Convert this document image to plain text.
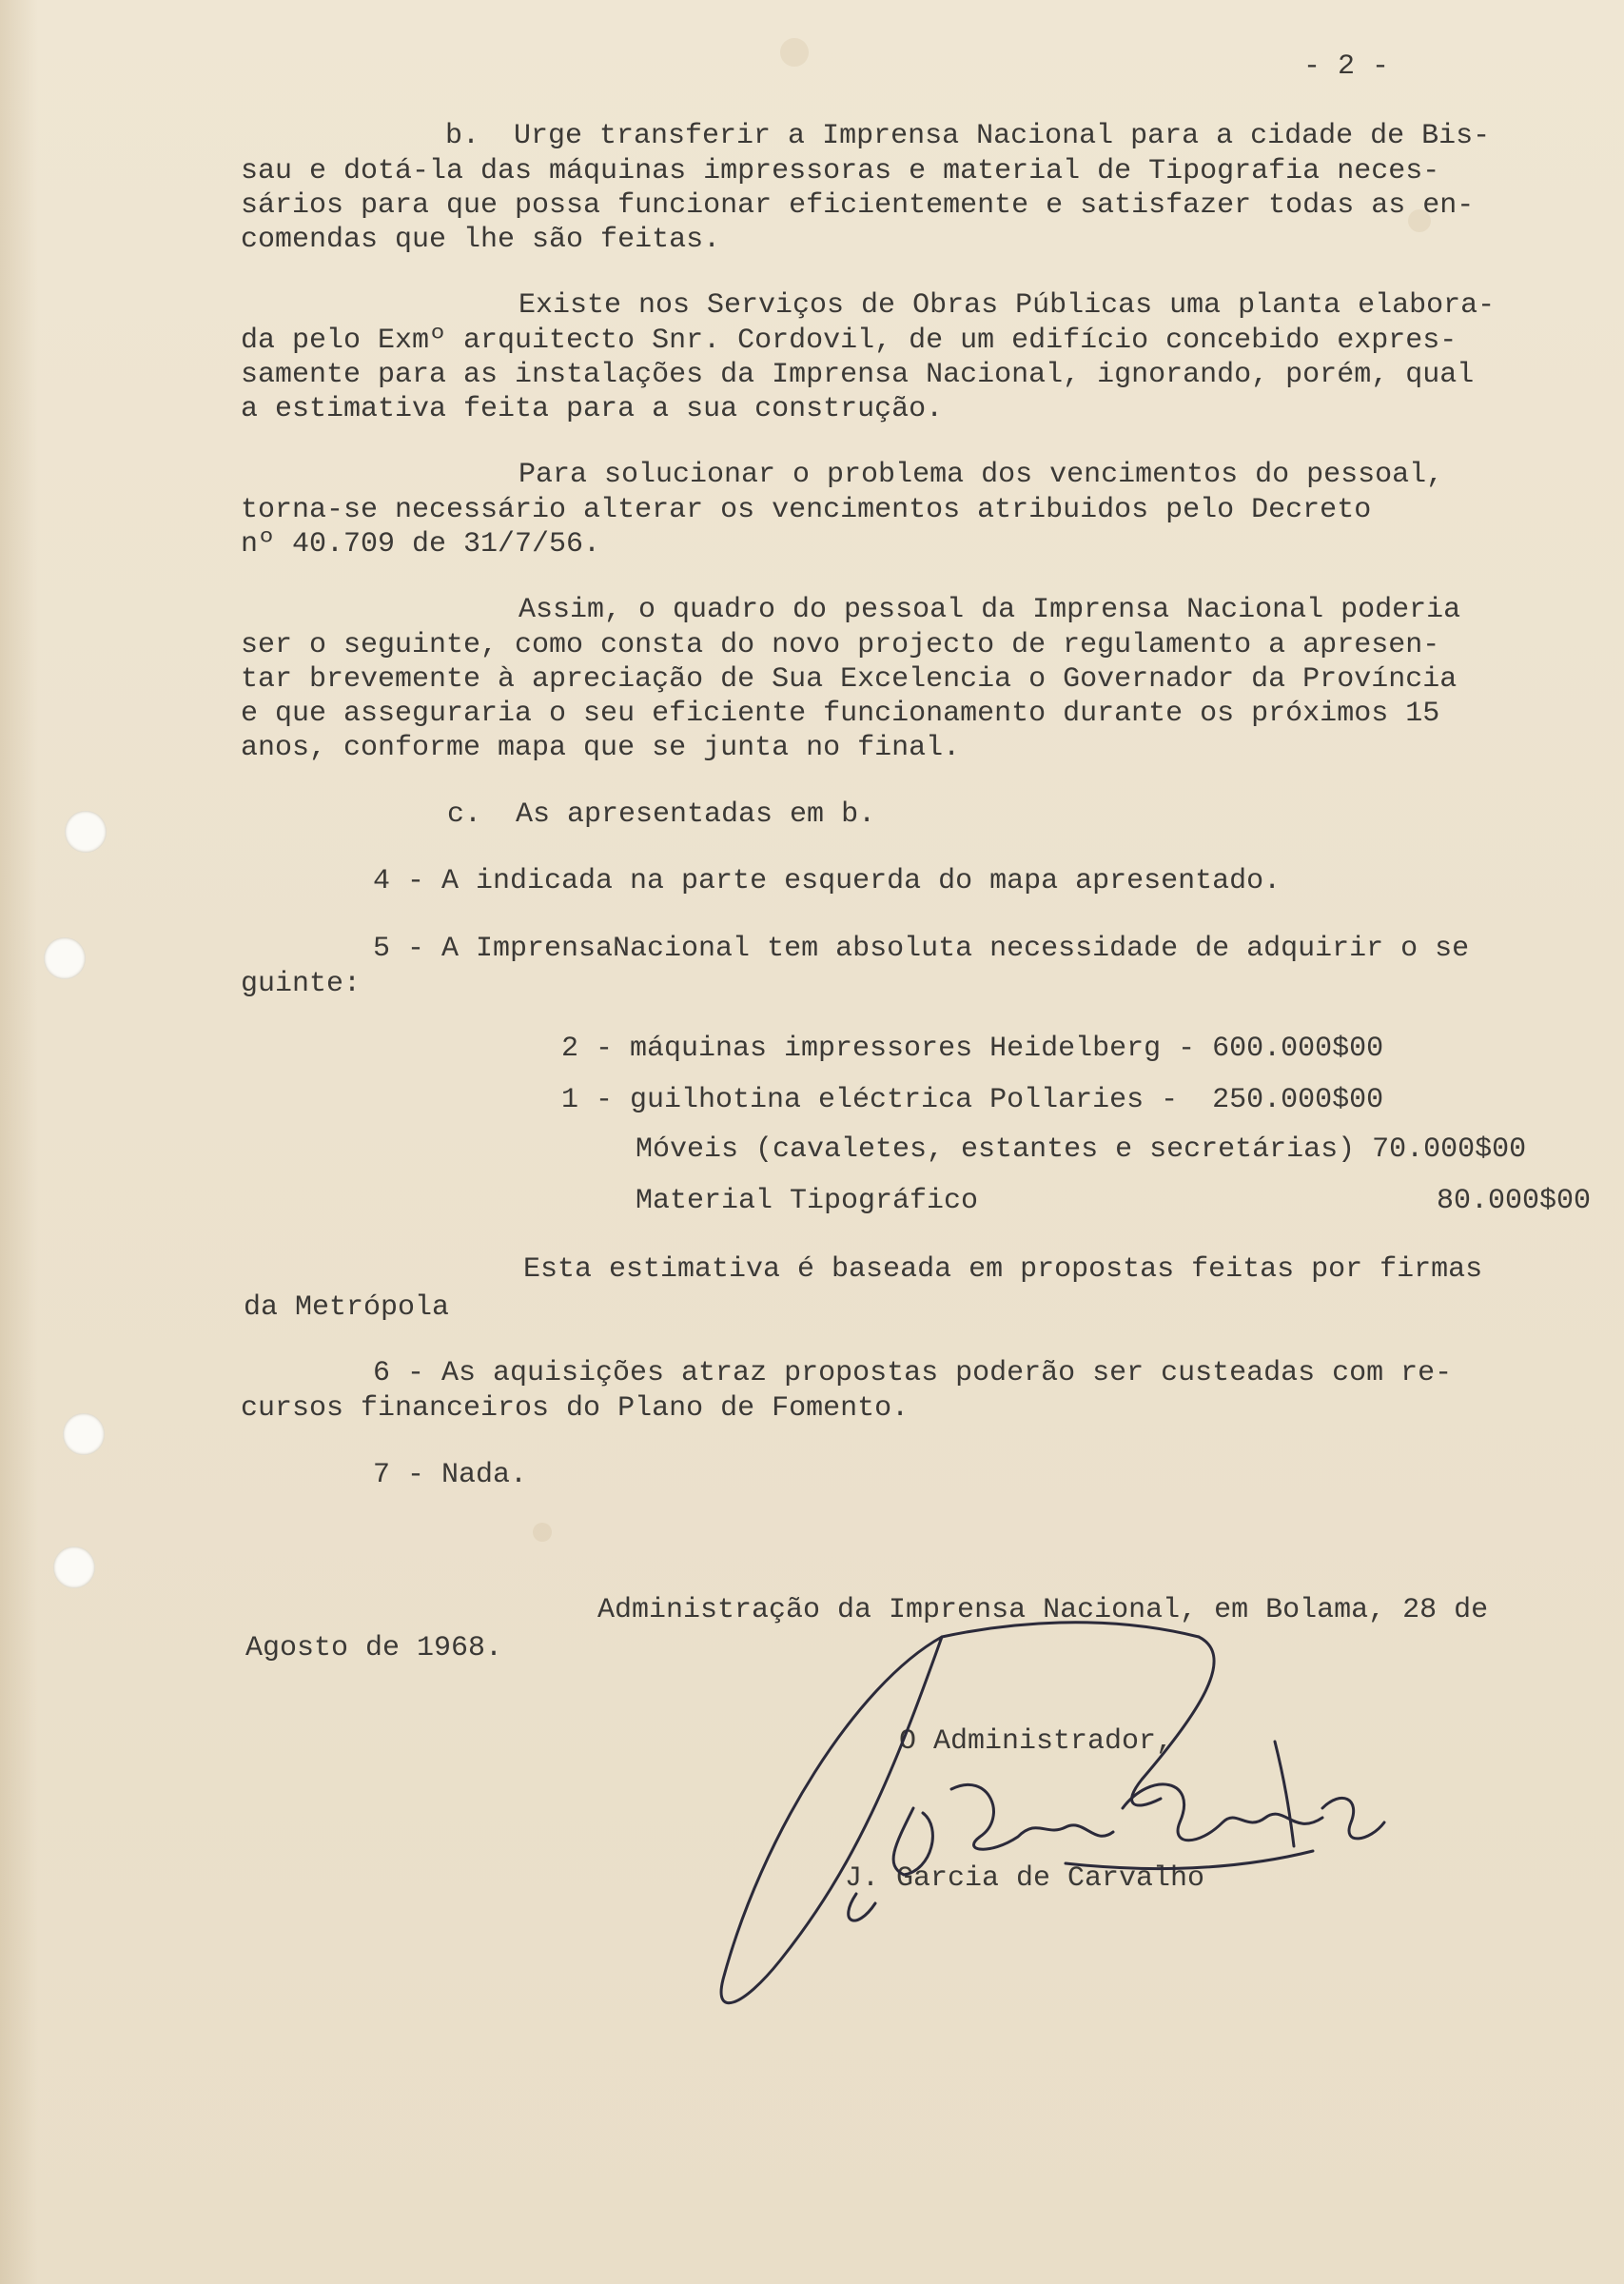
- 2 -

b.  Urge transferir a Imprensa Nacional para a cidade de Bis-

sau e dotá-la das máquinas impressoras e material de Tipografia neces-

sários para que possa funcionar eficientemente e satisfazer todas as en-

comendas que lhe são feitas.

Existe nos Serviços de Obras Públicas uma planta elabora-

da pelo Exmº arquitecto Snr. Cordovil, de um edifício concebido expres-

samente para as instalações da Imprensa Nacional, ignorando, porém, qual

a estimativa feita para a sua construção.

Para solucionar o problema dos vencimentos do pessoal,

torna-se necessário alterar os vencimentos atribuidos pelo Decreto

nº 40.709 de 31/7/56.

Assim, o quadro do pessoal da Imprensa Nacional poderia

ser o seguinte, como consta do novo projecto de regulamento a apresen-

tar brevemente à apreciação de Sua Excelencia o Governador da Província

e que asseguraria o seu eficiente funcionamento durante os próximos 15

anos, conforme mapa que se junta no final.

c.  As apresentadas em b.

4 - A indicada na parte esquerda do mapa apresentado.

5 - A ImprensaNacional tem absoluta necessidade de adquirir o se

guinte:

2 - máquinas impressores Heidelberg - 600.000$00

1 - guilhotina eléctrica Pollaries -  250.000$00

Móveis (cavaletes, estantes e secretárias) 70.000$00

Material Tipográfico	80.000$00

Esta estimativa é baseada em propostas feitas por firmas

da Metrópola

6 - As aquisições atraz propostas poderão ser custeadas com re-

cursos financeiros do Plano de Fomento.

7 - Nada.

Administração da Imprensa Nacional, em Bolama, 28 de

Agosto de 1968.

O Administrador,

J. Garcia de Carvalho
